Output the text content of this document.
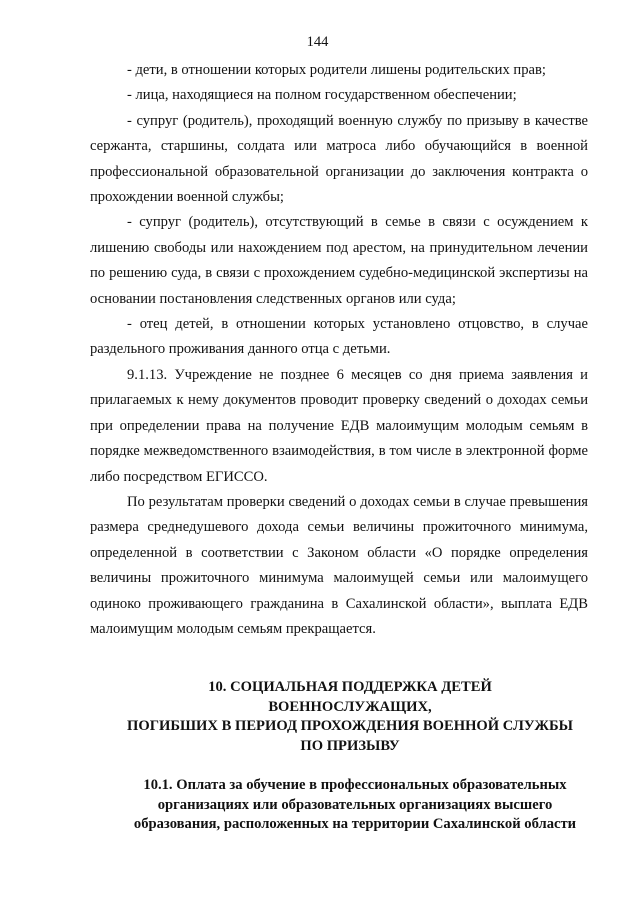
144

- дети, в отношении которых родители лишены родительских прав;

- лица, находящиеся на полном государственном обеспечении;

- супруг (родитель), проходящий военную службу по призыву в качестве сержанта, старшины, солдата или матроса либо обучающийся в военной профессиональной образовательной организации до заключения контракта о прохождении военной службы;

- супруг (родитель), отсутствующий в семье в связи с осуждением к лишению свободы или нахождением под арестом, на принудительном лечении по решению суда, в связи с прохождением судебно-медицинской экспертизы на основании постановления следственных органов или суда;

- отец детей, в отношении которых установлено отцовство, в случае раздельного проживания данного отца с детьми.

9.1.13. Учреждение не позднее 6 месяцев со дня приема заявления и прилагаемых к нему документов проводит проверку сведений о доходах семьи при определении права на получение ЕДВ малоимущим молодым семьям в порядке межведомственного взаимодействия, в том числе в электронной форме либо посредством ЕГИССО.

По результатам проверки сведений о доходах семьи в случае превышения размера среднедушевого дохода семьи величины прожиточного минимума, определенной в соответствии с Законом области «О порядке определения величины прожиточного минимума малоимущей семьи или малоимущего одиноко проживающего гражданина в Сахалинской области», выплата ЕДВ малоимущим молодым семьям прекращается.

10. СОЦИАЛЬНАЯ ПОДДЕРЖКА ДЕТЕЙ
ВОЕННОСЛУЖАЩИХ,
ПОГИБШИХ В ПЕРИОД ПРОХОЖДЕНИЯ ВОЕННОЙ СЛУЖБЫ
ПО ПРИЗЫВУ
10.1. Оплата за обучение в профессиональных образовательных
организациях или образовательных организациях высшего
образования, расположенных на территории Сахалинской области
